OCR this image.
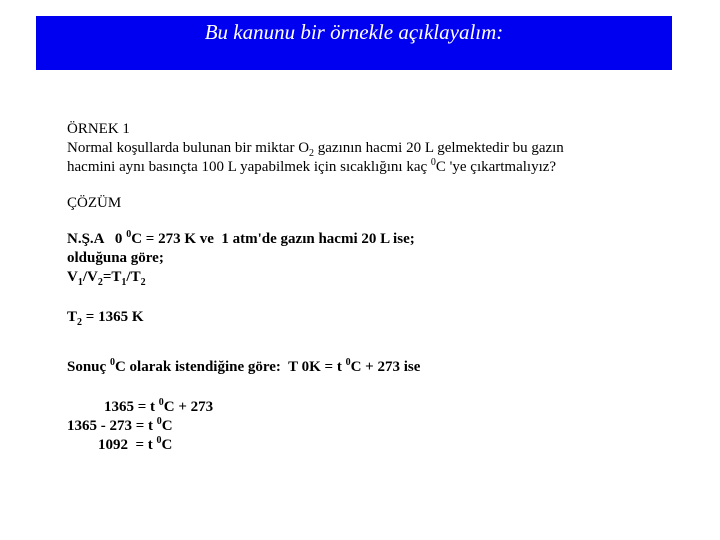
Bu kanunu bir örnekle açıklayalım:
ÖRNEK 1
Normal koşullarda bulunan bir miktar $O_2$ gazının hacmi 20 L gelmektedir bu gazın
hacmini aynı basınçta 100 L yapabilmek için sıcaklığını kaç $^0$C 'ye çıkartmalıyız?
ÇÖZÜM
N.Ş.A   0 $^0$C = 273 K ve  1 atm'de gazın hacmi 20 L ise;
olduğuna göre;
$V_1/V_2=T_1/T_2$
$T_2 = 1365$ K
Sonuç $^0$C olarak istendiğine göre:  T 0K = t $^0$C + 273 ise
1365 = t $^0$C + 273
1365 - 273 = t $^0$C
1092  = t $^0$C
